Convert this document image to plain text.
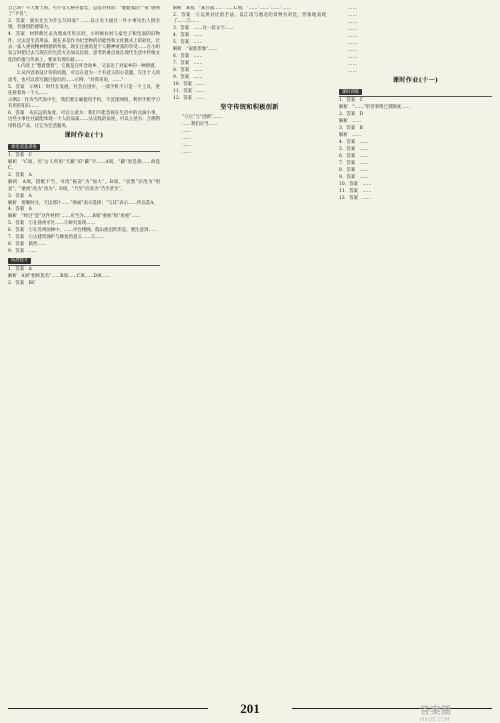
自己吗？不人要上班，可小女儿格外留恋，总是对我说：“姥姥家的”“夜”感到了“不肖”。

3．答案　梁实先生为什么写回家？……以小见大通过一件小事见出人情亲情，有强烈的感染力。

4．答案　材料释过去为理成年形式时，小时候农村人家宅子和里面的旧物件，过去是生活用品，现在多是作为纪念物的功能性和文化模式上的转化，过去一家人重视精神情感的传承，现在注重的是个人精神财富的享受……在小组发言时把过去与现在的生活方式加以比较，思考的重点放在现代生活中传统文化的价值与传承上，要求有理有据……

1.内容上“想着想着”，它既是在怀念故乡，又表达了对家乡的一种情感。

2.从内容看设计你的问题，可以在意为一个有意义的小话题，写出个人的思考，也可以改写题目提出的……示例：“对我来说，……”

5．答案　示例1：时代在发展，社会在进步，一部手机不只是一个工具，更连接着每一个人……

示例2：作为当代高中生，我们要正确使用手机，不沉迷网络，利用手机学习有用的知识……

6．答案　从长远的角度，可以立意为：我们不能忽视在生活中的点滴小事，这些小事往往最能体现一个人的品质……从实践的角度，可以立意为：合理利用科技产品，让它为生活服务。

课时作业(十)
课堂双基训练

1．答案　C

解析　“C项，名”古人所用“天籁”的“籁”字……A项，“籁”原是指……故选C。

2．答案　A

解析　A项，搭配不当，可改“振奋”为“加大”。B项，“显然”应改为“明显”，“重视”改为“改为”。D项，“乃至”应改为“乃至甚至”。

3．答案　A

解析　傍晚时分，天边那片……“抑或”表示选择；“与其”表示……所以选A。

4．答案　A

解析　“经过”是“这件材料”……应当为……B项“重视”和“看重”……

5．答案　①在扬州市区……②研究发现……

6．答案　①在苏州园林中，……亭台楼阁、假山池沼的形态，要注意到……

7．答案　①古建筑保护与修复的意义……②……

8．答案　陕西……

9．答案　……

拓展提升

1．答案　A

解析　A项“始终莫名”……B项……C项……D项……

2．答案　BC

解析　B项，“某方面……”……C项，“……”……“……”……

2．答案　①运用对比的手法，以江南与塞北的景物为对比，形象地表现了……②……

3．答案　……这一段文字……

4．答案　……

5．答案　……

解析　“家族形象”……

6．答案　……

7．答案　……

8．答案　……

9．答案　……

10．答案　……

11．答案　……

12．答案　……

坚守传统和积极创新

“守正”与“创新”……

……我们应当……

……

……

……

……

……

……

……

……

……

……

……

……

……

……

课时作业(十一)
课时训练

1．答案　C

解析　“……”形容事情已到限度……

2．答案　D

解析　……

3．答案　B

解析　……

4．答案　……

5．答案　……

6．答案　……

7．答案　……

8．答案　……

9．答案　……

10．答案　……

11．答案　……

12．答案　……

201	答案圈
MXQE.COM
